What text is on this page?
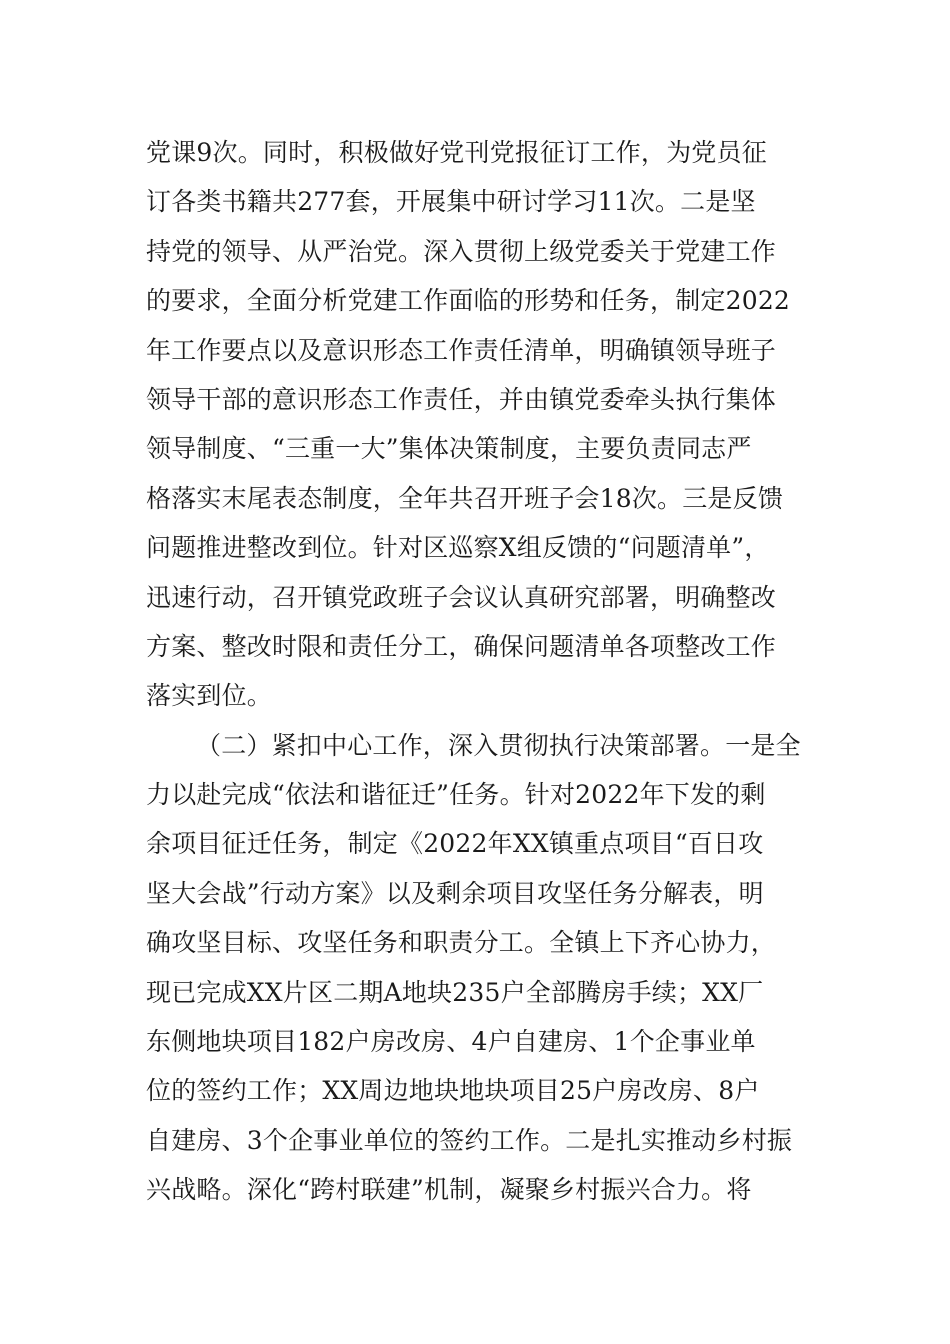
党课9次。同时，积极做好党刊党报征订工作，为党员征
订各类书籍共277套，开展集中研讨学习11次。二是坚
持党的领导、从严治党。深入贯彻上级党委关于党建工作
的要求，全面分析党建工作面临的形势和任务，制定2022
年工作要点以及意识形态工作责任清单，明确镇领导班子
领导干部的意识形态工作责任，并由镇党委牵头执行集体
领导制度、“三重一大”集体决策制度，主要负责同志严
格落实末尾表态制度，全年共召开班子会18次。三是反馈
问题推进整改到位。针对区巡察X组反馈的“问题清单”，
迅速行动，召开镇党政班子会议认真研究部署，明确整改
方案、整改时限和责任分工，确保问题清单各项整改工作
落实到位。
（二）紧扣中心工作，深入贯彻执行决策部署。一是全
力以赴完成“依法和谐征迁”任务。针对2022年下发的剩
余项目征迁任务，制定《2022年XX镇重点项目“百日攻
坚大会战”行动方案》以及剩余项目攻坚任务分解表，明
确攻坚目标、攻坚任务和职责分工。全镇上下齐心协力，
现已完成XX片区二期A地块235户全部腾房手续；XX厂
东侧地块项目182户房改房、4户自建房、1个企事业单
位的签约工作；XX周边地块地块项目25户房改房、8户
自建房、3个企事业单位的签约工作。二是扎实推动乡村振
兴战略。深化“跨村联建”机制，凝聚乡村振兴合力。将
